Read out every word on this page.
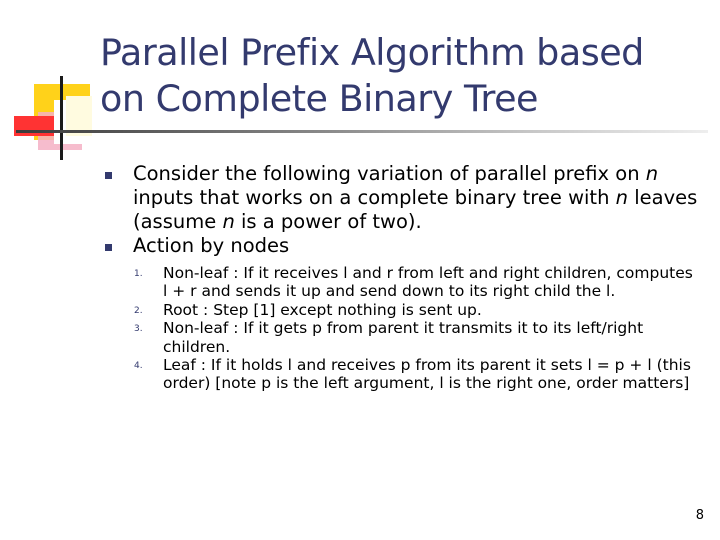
Parallel Prefix Algorithm based
on Complete Binary Tree
Consider the following variation of parallel prefix on n inputs that works on a complete binary tree with n leaves (assume n is a power of two).
Action by nodes
1. Non-leaf : If it receives l and r from left and right children, computes l + r and sends it up and send down to its right child the l.
2. Root : Step [1] except nothing is sent up.
3. Non-leaf : If it gets p from parent it transmits it to its left/right children.
4. Leaf : If it holds l and receives p from its parent it sets l = p + l (this order) [note p is the left argument, l is the right one, order matters]
8
